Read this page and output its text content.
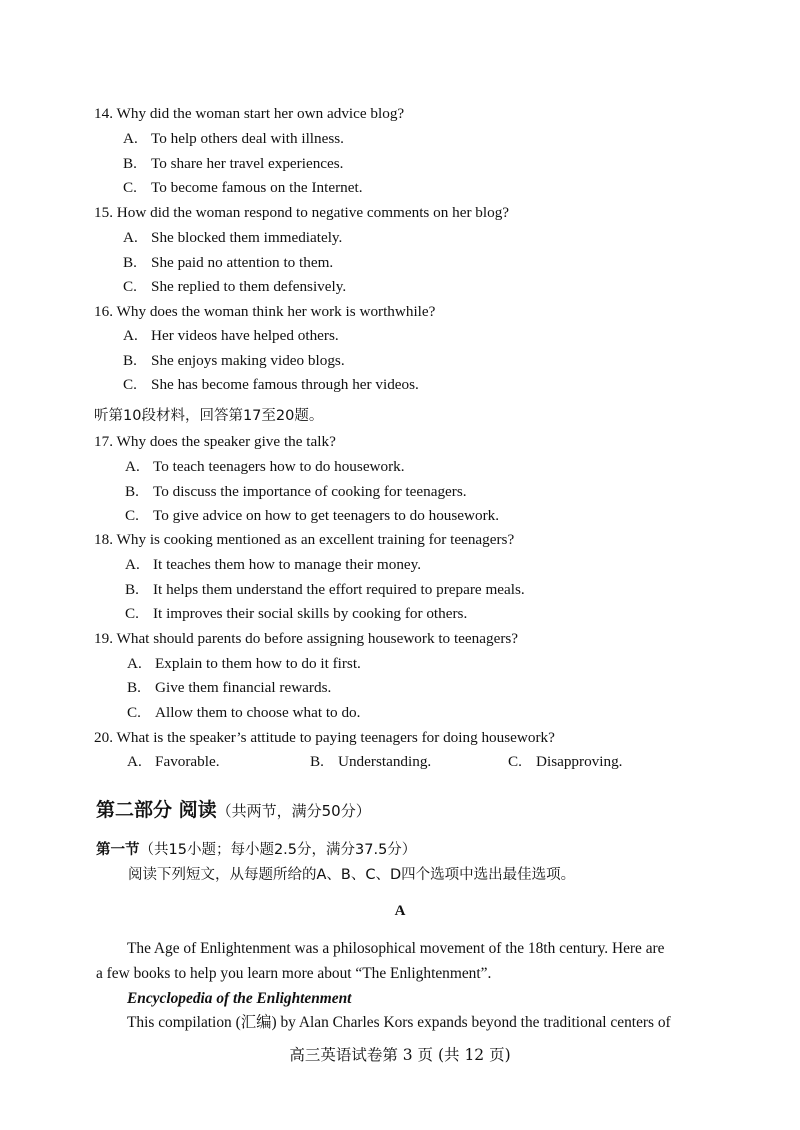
14. Why did the woman start her own advice blog?
A. To help others deal with illness.
B. To share her travel experiences.
C. To become famous on the Internet.
15. How did the woman respond to negative comments on her blog?
A. She blocked them immediately.
B. She paid no attention to them.
C. She replied to them defensively.
16. Why does the woman think her work is worthwhile?
A. Her videos have helped others.
B. She enjoys making video blogs.
C. She has become famous through her videos.
听第10段材料，回答第17至20题。
17. Why does the speaker give the talk?
A. To teach teenagers how to do housework.
B. To discuss the importance of cooking for teenagers.
C. To give advice on how to get teenagers to do housework.
18. Why is cooking mentioned as an excellent training for teenagers?
A. It teaches them how to manage their money.
B. It helps them understand the effort required to prepare meals.
C. It improves their social skills by cooking for others.
19. What should parents do before assigning housework to teenagers?
A. Explain to them how to do it first.
B. Give them financial rewards.
C. Allow them to choose what to do.
20. What is the speaker’s attitude to paying teenagers for doing housework?
A. Favorable.	B. Understanding.	C. Disapproving.
第二部分 阅读（共两节，满分50分）
第一节（共15小题；每小题2.5分，满分37.5分）
阅读下列短文，从每题所给的A、B、C、D四个选项中选出最佳选项。
A
The Age of Enlightenment was a philosophical movement of the 18th century. Here are
a few books to help you learn more about “The Enlightenment”.
Encyclopedia of the Enlightenment
This compilation (汇编) by Alan Charles Kors expands beyond the traditional centers of
高三英语试卷第 3 页 (共 12 页)
